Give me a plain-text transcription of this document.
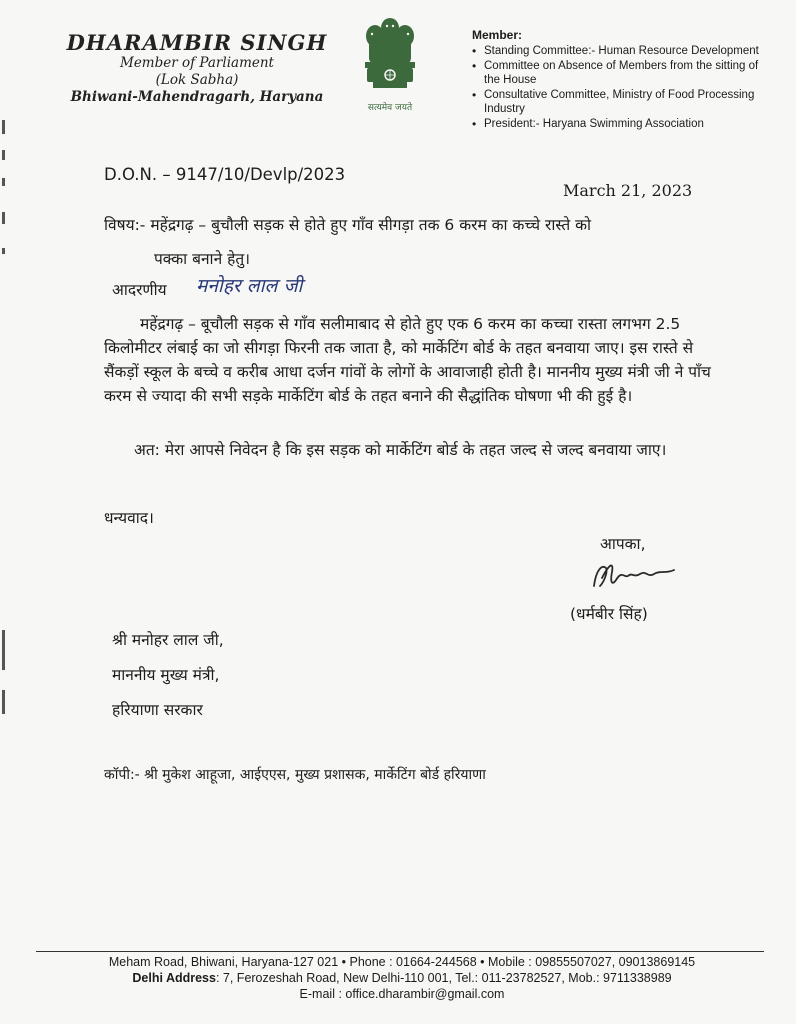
DHARAMBIR SINGH
Member of Parliament
(Lok Sabha)
Bhiwani-Mahendragarh, Haryana
सत्यमेव जयते
Member:
• Standing Committee:- Human Resource Development
• Committee on Absence of Members from the sitting of the House
• Consultative Committee, Ministry of Food Processing Industry
• President:- Haryana Swimming Association
D.O.N. – 9147/10/Devlp/2023
March 21, 2023
विषय:- महेंद्रगढ़ – बुचौली सड़क से होते हुए गाँव सीगड़ा तक 6 करम का कच्चे रास्ते को
पक्का बनाने हेतु।
आदरणीय मनोहर लाल जी
महेंद्रगढ़ – बूचौली सड़क से गाँव सलीमाबाद से होते हुए एक 6 करम का कच्चा रास्ता लगभग 2.5 किलोमीटर लंबाई का जो सीगड़ा फिरनी तक जाता है, को मार्केटिंग बोर्ड के तहत बनवाया जाए। इस रास्ते से सैंकड़ों स्कूल के बच्चे व करीब आधा दर्जन गांवों के लोगों के आवाजाही होती है। माननीय मुख्य मंत्री जी ने पाँच करम से ज्यादा की सभी सड़के मार्केटिंग बोर्ड के तहत बनाने की सैद्धांतिक घोषणा भी की हुई है।
अत: मेरा आपसे निवेदन है कि इस सड़क को मार्केटिंग बोर्ड के तहत जल्द से जल्द बनवाया जाए।
धन्यवाद।
आपका,
(धर्मबीर सिंह)
श्री मनोहर लाल जी,
माननीय मुख्य मंत्री,
हरियाणा सरकार
कॉपी:- श्री मुकेश आहूजा, आईएएस, मुख्य प्रशासक, मार्केटिंग बोर्ड हरियाणा
Meham Road, Bhiwani, Haryana-127 021 • Phone : 01664-244568 • Mobile : 09855507027, 09013869145
Delhi Address: 7, Ferozeshah Road, New Delhi-110 001, Tel.: 011-23782527, Mob.: 9711338989
E-mail : office.dharambir@gmail.com
